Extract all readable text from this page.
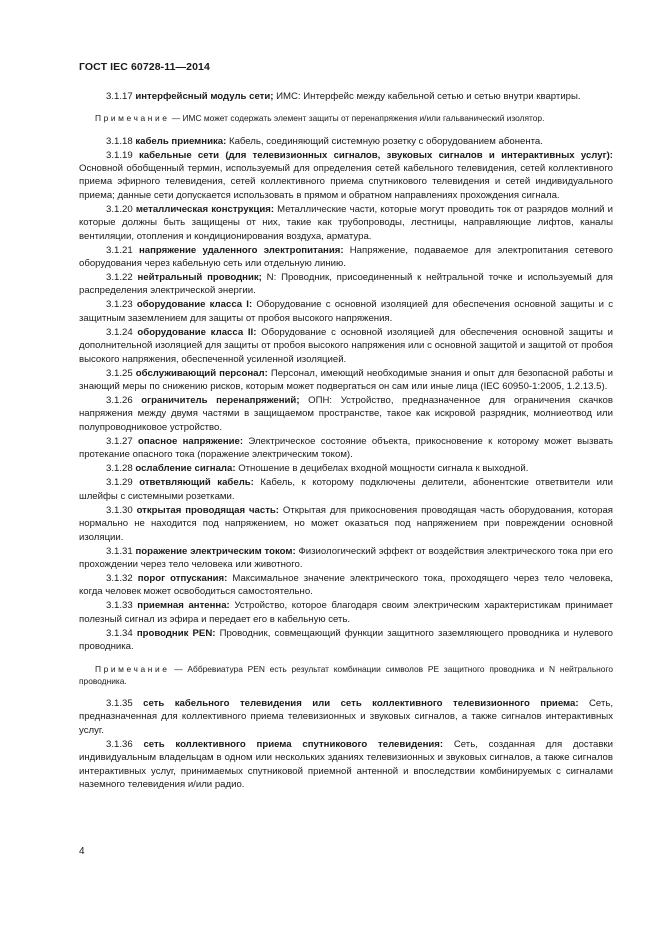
ГОСТ IEC 60728-11—2014

3.1.17 интерфейсный модуль сети; ИМС: Интерфейс между кабельной сетью и сетью внутри квартиры.

Примечание — ИМС может содержать элемент защиты от перенапряжения и/или гальванический изолятор.

3.1.18 кабель приемника: Кабель, соединяющий системную розетку с оборудованием абонента.

3.1.19 кабельные сети (для телевизионных сигналов, звуковых сигналов и интерактивных услуг): Основной обобщенный термин, используемый для определения сетей кабельного телевидения, сетей коллективного приема эфирного телевидения, сетей коллективного приема спутникового телевидения и сетей индивидуального приема; данные сети допускается использовать в прямом и обратном направлениях прохождения сигнала.

3.1.20 металлическая конструкция: Металлические части, которые могут проводить ток от разрядов молний и которые должны быть защищены от них, такие как трубопроводы, лестницы, направляющие лифтов, каналы вентиляции, отопления и кондиционирования воздуха, арматура.

3.1.21 напряжение удаленного электропитания: Напряжение, подаваемое для электропитания сетевого оборудования через кабельную сеть или отдельную линию.

3.1.22 нейтральный проводник; N: Проводник, присоединенный к нейтральной точке и используемый для распределения электрической энергии.

3.1.23 оборудование класса I: Оборудование с основной изоляцией для обеспечения основной защиты и с защитным заземлением для защиты от пробоя высокого напряжения.

3.1.24 оборудование класса II: Оборудование с основной изоляцией для обеспечения основной защиты и дополнительной изоляцией для защиты от пробоя высокого напряжения или с основной защитой и защитой от пробоя высокого напряжения, обеспеченной усиленной изоляцией.

3.1.25 обслуживающий персонал: Персонал, имеющий необходимые знания и опыт для безопасной работы и знающий меры по снижению рисков, которым может подвергаться он сам или иные лица (IEC 60950-1:2005, 1.2.13.5).

3.1.26 ограничитель перенапряжений; ОПН: Устройство, предназначенное для ограничения скачков напряжения между двумя частями в защищаемом пространстве, такое как искровой разрядник, молниеотвод или полупроводниковое устройство.

3.1.27 опасное напряжение: Электрическое состояние объекта, прикосновение к которому может вызвать протекание опасного тока (поражение электрическим током).

3.1.28 ослабление сигнала: Отношение в децибелах входной мощности сигнала к выходной.

3.1.29 ответвляющий кабель: Кабель, к которому подключены делители, абонентские ответвители или шлейфы с системными розетками.

3.1.30 открытая проводящая часть: Открытая для прикосновения проводящая часть оборудования, которая нормально не находится под напряжением, но может оказаться под напряжением при повреждении основной изоляции.

3.1.31 поражение электрическим током: Физиологический эффект от воздействия электрического тока при его прохождении через тело человека или животного.

3.1.32 порог отпускания: Максимальное значение электрического тока, проходящего через тело человека, когда человек может освободиться самостоятельно.

3.1.33 приемная антенна: Устройство, которое благодаря своим электрическим характеристикам принимает полезный сигнал из эфира и передает его в кабельную сеть.

3.1.34 проводник PEN: Проводник, совмещающий функции защитного заземляющего проводника и нулевого проводника.

Примечание — Аббревиатура PEN есть результат комбинации символов PE защитного проводника и N нейтрального проводника.

3.1.35 сеть кабельного телевидения или сеть коллективного телевизионного приема: Сеть, предназначенная для коллективного приема телевизионных и звуковых сигналов, а также сигналов интерактивных услуг.

3.1.36 сеть коллективного приема спутникового телевидения: Сеть, созданная для доставки индивидуальным владельцам в одном или нескольких зданиях телевизионных и звуковых сигналов, а также сигналов интерактивных услуг, принимаемых спутниковой приемной антенной и впоследствии комбинируемых с сигналами наземного телевидения и/или радио.

4
